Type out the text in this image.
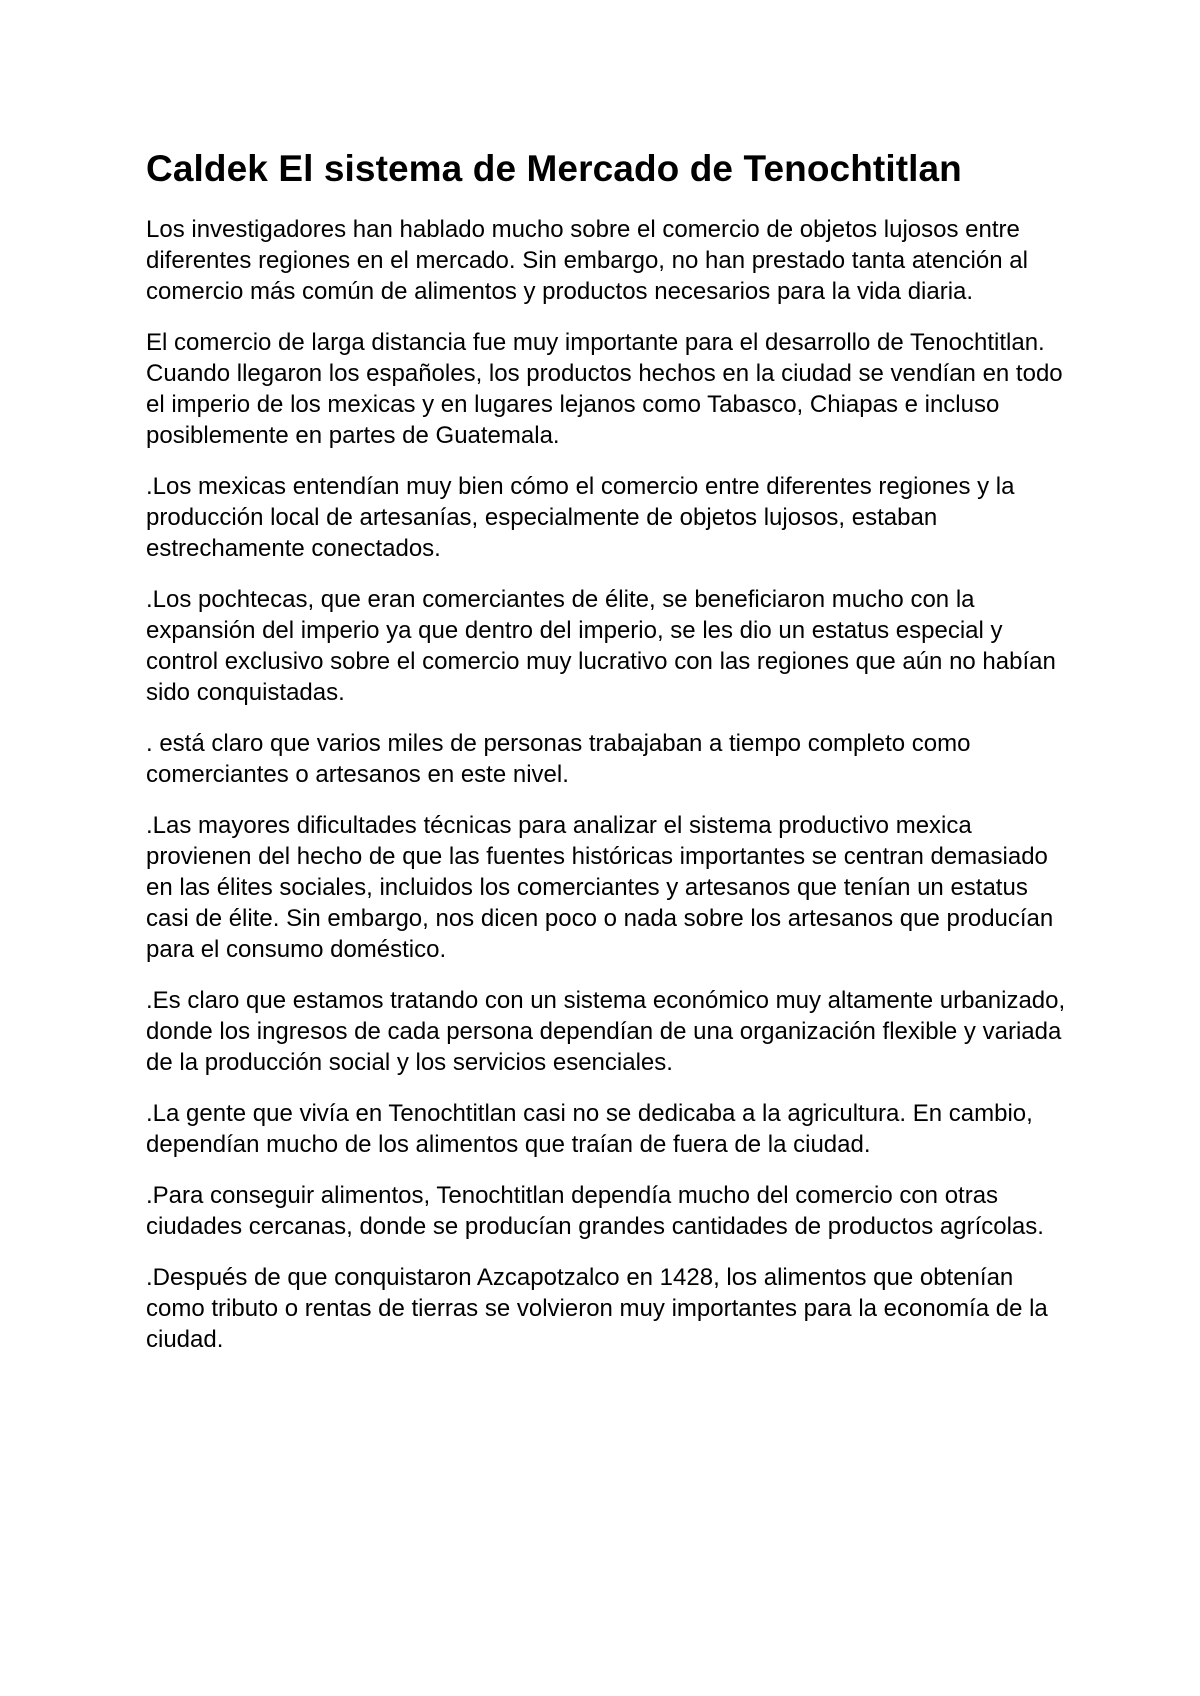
Caldek El sistema de Mercado de Tenochtitlan

Los investigadores han hablado mucho sobre el comercio de objetos lujosos entre diferentes regiones en el mercado. Sin embargo, no han prestado tanta atención al comercio más común de alimentos y productos necesarios para la vida diaria.

El comercio de larga distancia fue muy importante para el desarrollo de Tenochtitlan. Cuando llegaron los españoles, los productos hechos en la ciudad se vendían en todo el imperio de los mexicas y en lugares lejanos como Tabasco, Chiapas e incluso posiblemente en partes de Guatemala.

.Los mexicas entendían muy bien cómo el comercio entre diferentes regiones y la producción local de artesanías, especialmente de objetos lujosos, estaban estrechamente conectados.

.Los pochtecas, que eran comerciantes de élite, se beneficiaron mucho con la expansión del imperio ya que dentro del imperio, se les dio un estatus especial y control exclusivo sobre el comercio muy lucrativo con las regiones que aún no habían sido conquistadas.

. está claro que varios miles de personas trabajaban a tiempo completo como comerciantes o artesanos en este nivel.

.Las mayores dificultades técnicas para analizar el sistema productivo mexica provienen del hecho de que las fuentes históricas importantes se centran demasiado en las élites sociales, incluidos los comerciantes y artesanos que tenían un estatus casi de élite. Sin embargo, nos dicen poco o nada sobre los artesanos que producían para el consumo doméstico.

.Es claro que estamos tratando con un sistema económico muy altamente urbanizado, donde los ingresos de cada persona dependían de una organización flexible y variada de la producción social y los servicios esenciales.

.La gente que vivía en Tenochtitlan casi no se dedicaba a la agricultura. En cambio, dependían mucho de los alimentos que traían de fuera de la ciudad.

.Para conseguir alimentos, Tenochtitlan dependía mucho del comercio con otras ciudades cercanas, donde se producían grandes cantidades de productos agrícolas.

.Después de que conquistaron Azcapotzalco en 1428, los alimentos que obtenían como tributo o rentas de tierras se volvieron muy importantes para la economía de la ciudad.
